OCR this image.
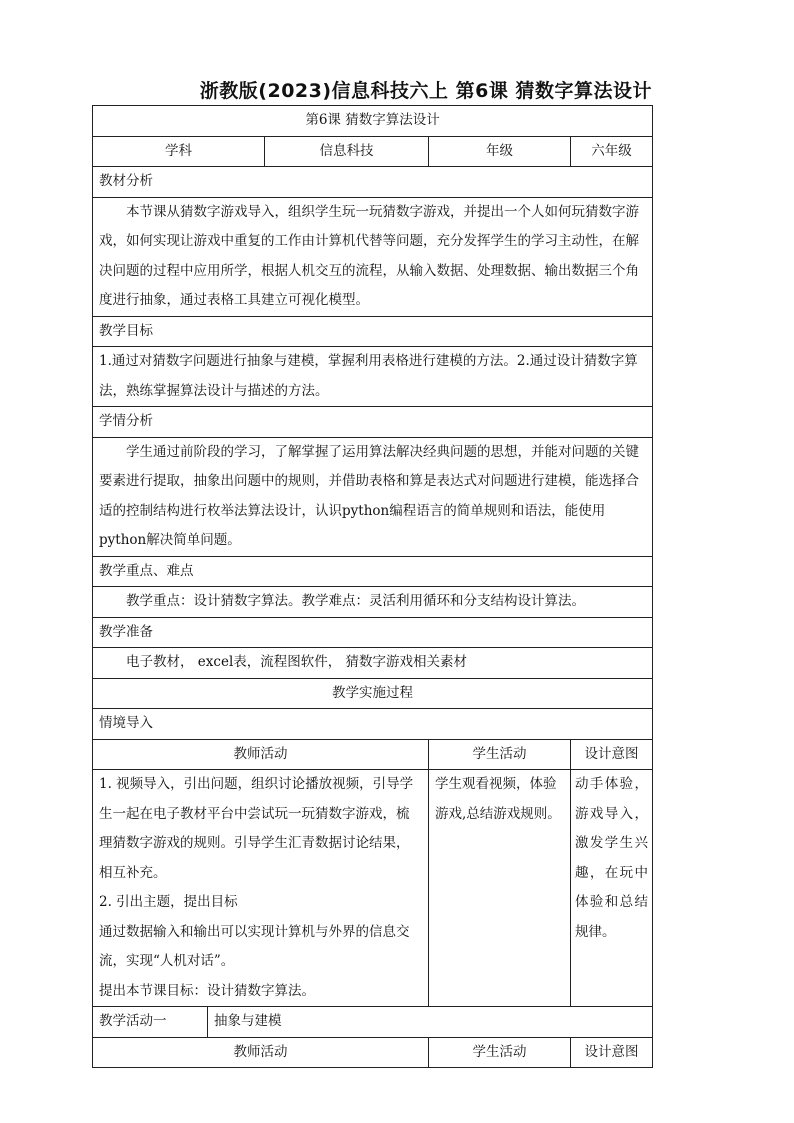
浙教版(2023)信息科技六上 第6课 猜数字算法设计
第6课 猜数字算法设计				
学科		信息科技	年级	六年级
教材分析				
本节课从猜数字游戏导入，组织学生玩一玩猜数字游戏，并提出一个人如何玩猜数字游戏，如何实现让游戏中重复的工作由计算机代替等问题，充分发挥学生的学习主动性，在解决问题的过程中应用所学，根据人机交互的流程，从输入数据、处理数据、输出数据三个角度进行抽象，通过表格工具建立可视化模型。				
教学目标				
1.通过对猜数字问题进行抽象与建模，掌握利用表格进行建模的方法。2.通过设计猜数字算法，熟练掌握算法设计与描述的方法。				
学情分析				
学生通过前阶段的学习，了解掌握了运用算法解决经典问题的思想，并能对问题的关键要素进行提取，抽象出问题中的规则，并借助表格和算是表达式对问题进行建模，能选择合适的控制结构进行枚举法算法设计，认识python编程语言的简单规则和语法，能使用python解决简单问题。				
教学重点、难点				
教学重点：设计猜数字算法。教学难点：灵活利用循环和分支结构设计算法。				
教学准备				
电子教材， excel表，流程图软件， 猜数字游戏相关素材				
教学实施过程				
情境导入				
教师活动			学生活动	设计意图

1. 视频导入，引出问题，组织讨论播放视频，引导学生一起在电子教材平台中尝试玩一玩猜数字游戏，梳理猜数字游戏的规则。引导学生汇青数据讨论结果，相互补充。
2. 引出主题，提出目标
通过数据输入和输出可以实现计算机与外界的信息交流，实现“人机对话”。
提出本节课目标：设计猜数字算法。			学生观看视频，体验游戏,总结游戏规则。	动手体验，游戏导入，激发学生兴趣，在玩中体验和总结规律。
教学活动一	抽象与建模			
教师活动			学生活动	设计意图
